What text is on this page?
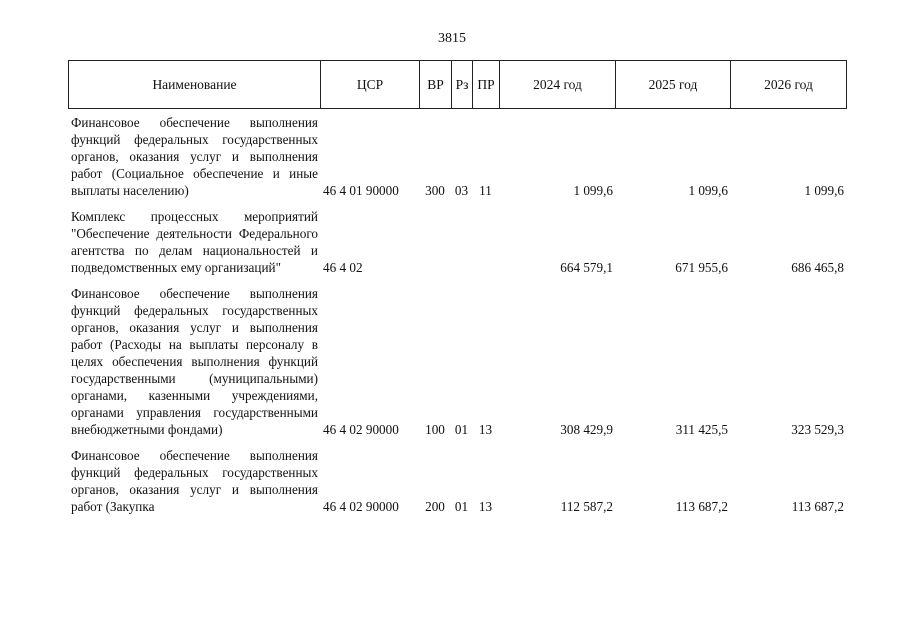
3815
Наименование	ЦСР	ВР	Рз	ПР	2024 год	2025 год	2026 год
Финансовое обеспечение выполнения функций федеральных государственных органов, оказания услуг и выполнения работ (Социальное обеспечение и иные выплаты населению)	46 4 01 90000	300	03	11	1 099,6	1 099,6	1 099,6

Комплекс процессных мероприятий "Обеспечение деятельности Федерального агентства по делам национальностей и подведомственных ему организаций"	46 4 02				664 579,1	671 955,6	686 465,8

Финансовое обеспечение выполнения функций федеральных государственных органов, оказания услуг и выполнения работ (Расходы на выплаты персоналу в целях обеспечения выполнения функций государственными (муниципальными) органами, казенными учреждениями, органами управления государственными внебюджетными фондами)	46 4 02 90000	100	01	13	308 429,9	311 425,5	323 529,3

Финансовое обеспечение выполнения функций федеральных государственных органов, оказания услуг и выполнения работ (Закупка	46 4 02 90000	200	01	13	112 587,2	113 687,2	113 687,2
